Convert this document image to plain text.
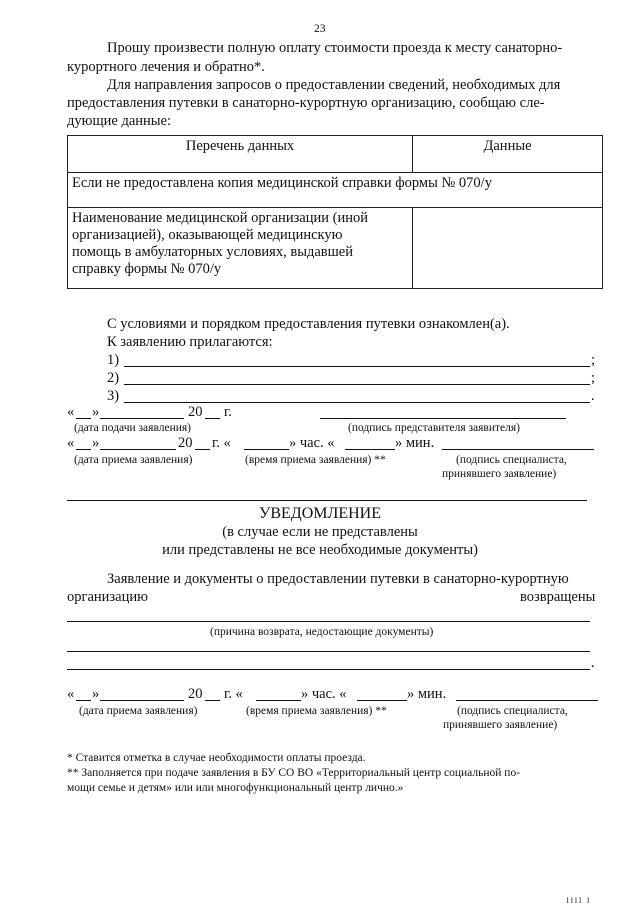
23
Прошу произвести полную оплату стоимости проезда к месту санаторно-
курортного лечения и обратно*.
Для направления запросов о предоставлении сведений, необходимых для
предоставления путевки в санаторно-курортную организацию, сообщаю сле-
дующие данные:
Перечень данных	Данные
Если не предоставлена копия медицинской справки формы № 070/у	

Наименование медицинской организации (иной
организацией), оказывающей медицинскую
помощь в амбулаторных условиях, выдавшей
справку формы № 070/у	

С условиями и порядком предоставления путевки ознакомлен(а).
К заявлению прилагаются:
1)	;
2)	;
3)	.
« »	20 г.
(дата подачи заявления)	(подпись представителя заявителя)
« »	20 г. «	» час. «	» мин.
(дата приема заявления)	(время приема заявления) **	(подпись специалиста,
принявшего заявление)
УВЕДОМЛЕНИЕ
(в случае если не представлены
или представлены не все необходимые документы)
Заявление и документы о предоставлении путевки в санаторно-курортную
организацию	возвращены
(причина возврата, недостающие документы)
.
« »	20 г. «	» час. «	» мин.
(дата приема заявления)	(время приема заявления) **	(подпись специалиста,
принявшего заявление)
* Ставится отметка в случае необходимости оплаты проезда.
** Заполняется при подаче заявления в БУ СО ВО «Территориальный центр социальной по-
мощи семье и детям» или или многофункциональный центр лично.»
ıııı ı
